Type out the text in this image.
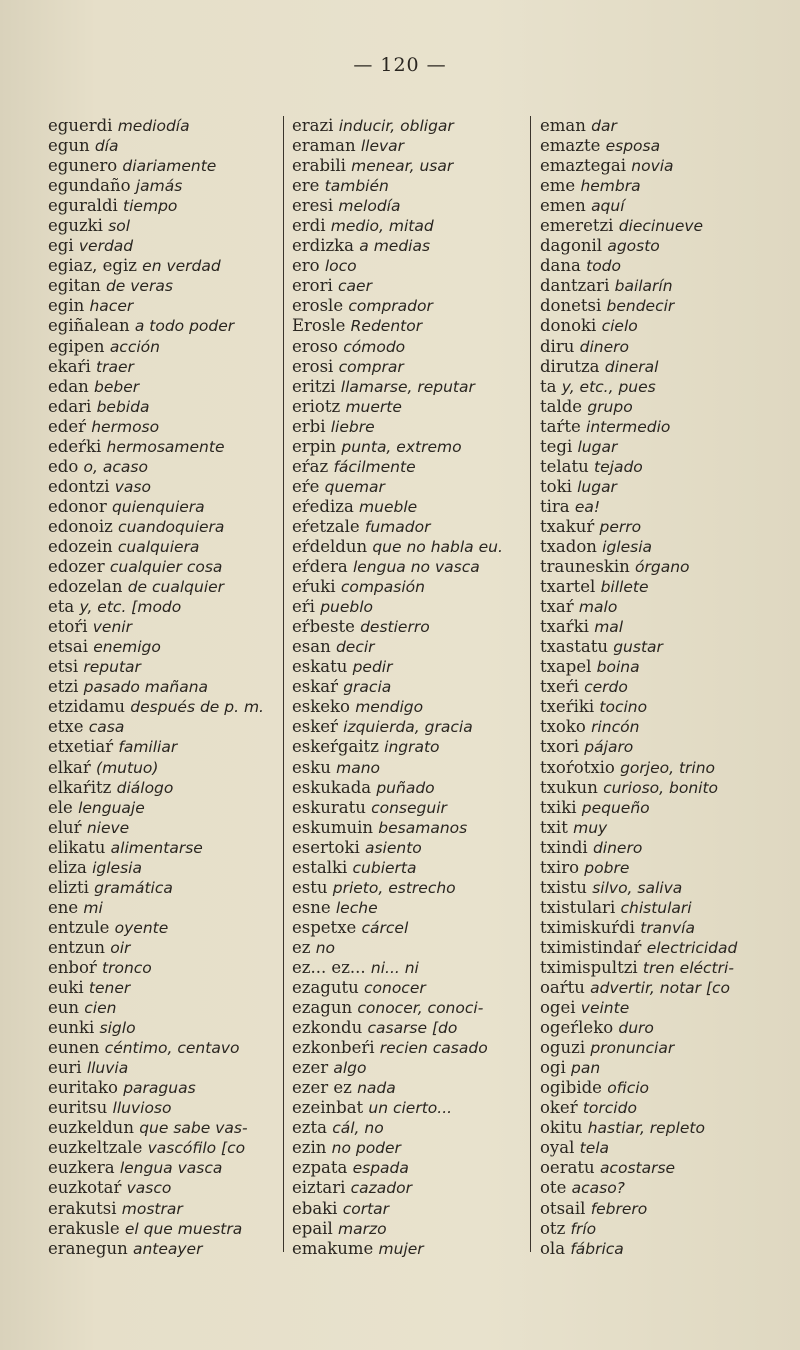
— 120 —
eguerdi mediodía
egun día
egunero diariamente
egundaño jamás
eguraldi tiempo
eguzki sol
egi verdad
egiaz, egiz en verdad
egitan de veras
egin hacer
egiñalean a todo poder
egipen acción
ekaŕi traer
edan beber
edari bebida
edeŕ hermoso
edeŕki hermosamente
edo o, acaso
edontzi vaso
edonor quienquiera
edonoiz cuandoquiera
edozein cualquiera
edozer cualquier cosa
edozelan de cualquier
eta y, etc. [modo
etoŕi venir
etsai enemigo
etsi reputar
etzi pasado mañana
etzidamu después de p. m.
etxe casa
etxetiaŕ familiar
elkaŕ (mutuo)
elkaŕitz diálogo
ele lenguaje
eluŕ nieve
elikatu alimentarse
eliza iglesia
elizti gramática
ene mi
entzule oyente
entzun oir
enboŕ tronco
euki tener
eun cien
eunki siglo
eunen céntimo, centavo
euri lluvia
euritako paraguas
euritsu lluvioso
euzkeldun que sabe vas-
euzkeltzale vascófilo [co
euzkera lengua vasca
euzkotaŕ vasco
erakutsi mostrar
erakusle el que muestra
eranegun anteayer
erazi inducir, obligar
eraman llevar
erabili menear, usar
ere también
eresi melodía
erdi medio, mitad
erdizka a medias
ero loco
erori caer
erosle comprador
Erosle Redentor
eroso cómodo
erosi comprar
eritzi llamarse, reputar
eriotz muerte
erbi liebre
erpin punta, extremo
eŕaz fácilmente
eŕe quemar
eŕediza mueble
eŕetzale fumador
eŕdeldun que no habla eu.
eŕdera lengua no vasca
eŕuki compasión
eŕi pueblo
eŕbeste destierro
esan decir
eskatu pedir
eskaŕ gracia
eskeko mendigo
eskeŕ izquierda, gracia
eskeŕgaitz ingrato
esku mano
eskukada puñado
eskuratu conseguir
eskumuin besamanos
esertoki asiento
estalki cubierta
estu prieto, estrecho
esne leche
espetxe cárcel
ez no
ez... ez... ni... ni
ezagutu conocer
ezagun conocer, conoci-
ezkondu casarse [do
ezkonbeŕi recien casado
ezer algo
ezer ez nada
ezeinbat un cierto...
ezta cál, no
ezin no poder
ezpata espada
eiztari cazador
ebaki cortar
epail marzo
emakume mujer
eman dar
emazte esposa
emaztegai novia
eme hembra
emen aquí
emeretzi diecinueve
dagonil agosto
dana todo
dantzari bailarín
donetsi bendecir
donoki cielo
diru dinero
dirutza dineral
ta y, etc., pues
talde grupo
taŕte intermedio
tegi lugar
telatu tejado
toki lugar
tira ea!
txakuŕ perro
txadon iglesia
trauneskin órgano
txartel billete
txaŕ malo
txaŕki mal
txastatu gustar
txapel boina
txeŕi cerdo
txeŕiki tocino
txoko rincón
txori pájaro
txoŕotxio gorjeo, trino
txukun curioso, bonito
txiki pequeño
txit muy
txindi dinero
txiro pobre
txistu silvo, saliva
txistulari chistulari
tximiskuŕdi tranvía
tximistindaŕ electricidad
tximispultzi tren eléctri-
oaŕtu advertir, notar [co
ogei veinte
ogeŕleko duro
oguzi pronunciar
ogi pan
ogibide oficio
okeŕ torcido
okitu hastiar, repleto
oyal tela
oeratu acostarse
ote acaso?
otsail febrero
otz frío
ola fábrica
